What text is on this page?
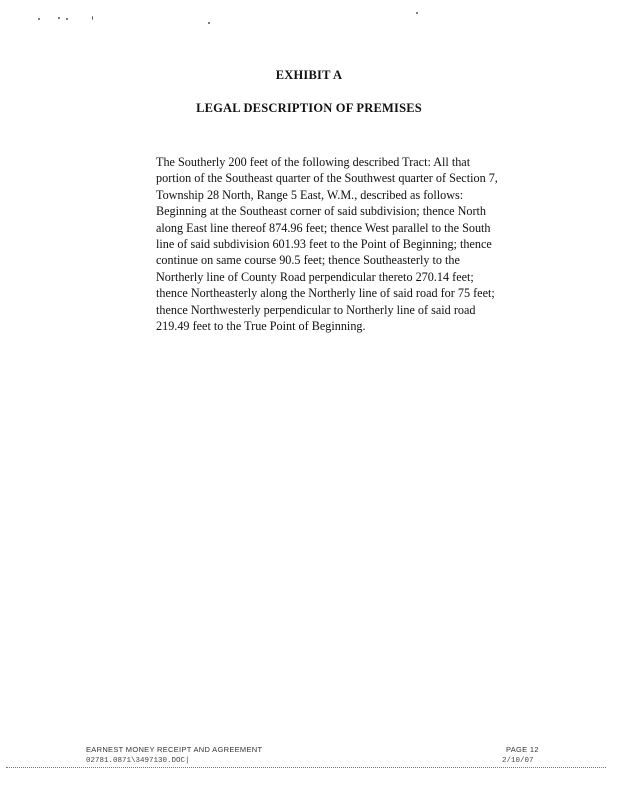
EXHIBIT A
LEGAL DESCRIPTION OF PREMISES
The Southerly 200 feet of the following described Tract: All that portion of the Southeast quarter of the Southwest quarter of Section 7, Township 28 North, Range 5 East, W.M., described as follows: Beginning at the Southeast corner of said subdivision; thence North along East line thereof 874.96 feet; thence West parallel to the South line of said subdivision 601.93 feet to the Point of Beginning; thence continue on same course 90.5 feet; thence Southeasterly to the Northerly line of County Road perpendicular thereto 270.14 feet; thence Northeasterly along the Northerly line of said road for 75 feet; thence Northwesterly perpendicular to Northerly line of said road 219.49 feet to the True Point of Beginning.
EARNEST MONEY RECEIPT AND AGREEMENT	PAGE 12
02781.0871\3497130.DOC|	2/10/07
